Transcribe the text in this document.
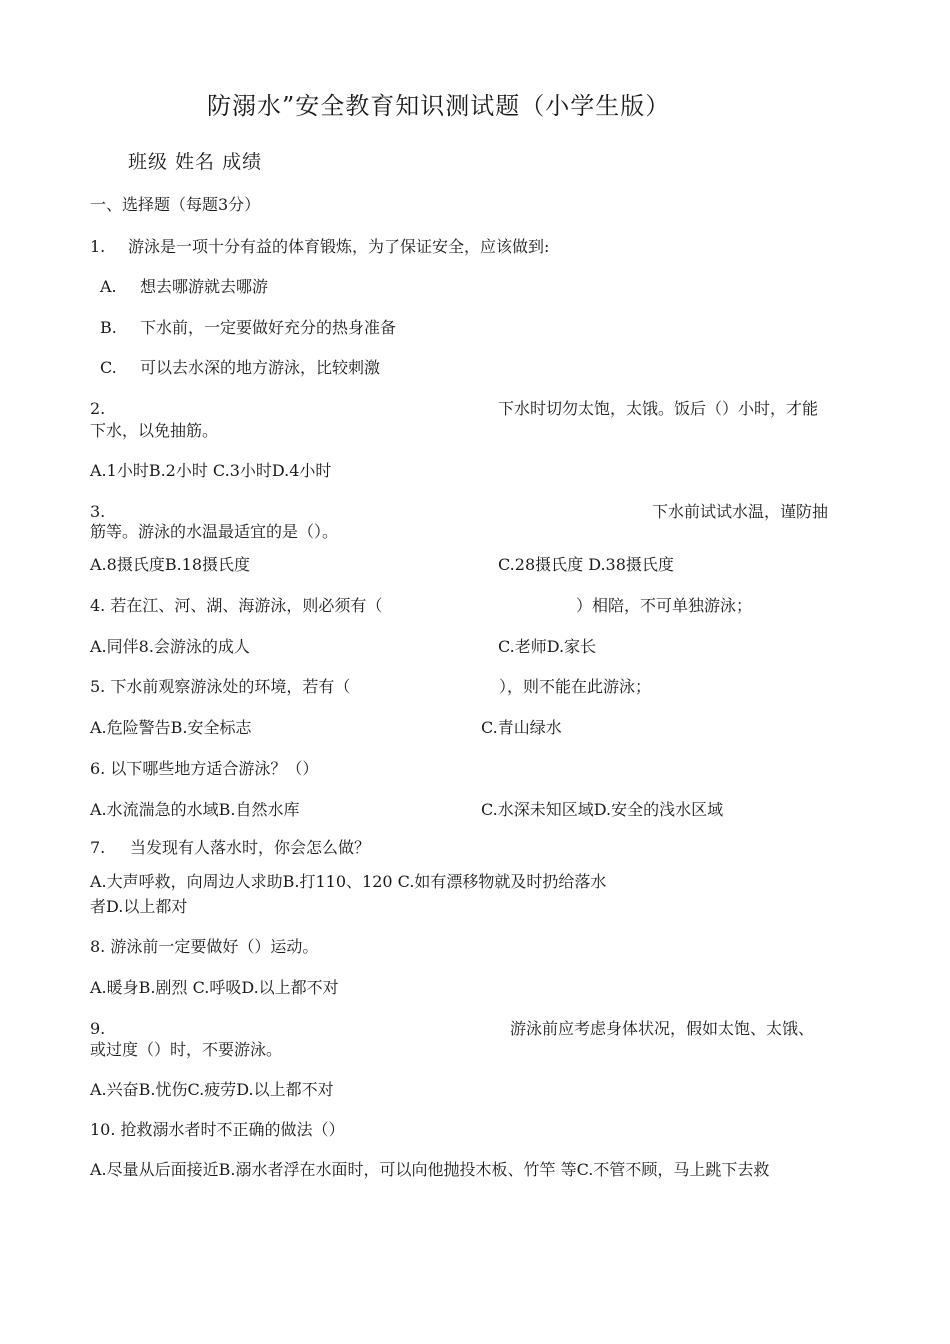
防溺水”安全教育知识测试题（小学生版）
班级 姓名 成绩
一、选择题（每题3分）
1. 游泳是一项十分有益的体育锻炼，为了保证安全，应该做到:
A. 想去哪游就去哪游
B. 下水前，一定要做好充分的热身准备
C. 可以去水深的地方游泳，比较刺激
2.	下水时切勿太饱，太饿。饭后（）小时，才能
下水，以免抽筋。
A.1小时B.2小时 C.3小时D.4小时
3.	下水前试试水温，谨防抽
筋等。游泳的水温最适宜的是（）。
A.8摄氏度B.18摄氏度	C.28摄氏度 D.38摄氏度
4. 若在江、河、湖、海游泳，则必须有（	）相陪，不可单独游泳；
A.同伴8.会游泳的成人	C.老师D.家长
5. 下水前观察游泳处的环境，若有（	），则不能在此游泳；
A.危险警告B.安全标志	C.青山绿水
6. 以下哪些地方适合游泳？（）
A.水流湍急的水域B.自然水库	C.水深未知区域D.安全的浅水区域
7. 当发现有人落水时，你会怎么做？
A.大声呼救，向周边人求助B.打110、120 C.如有漂移物就及时扔给落水
者D.以上都对
8. 游泳前一定要做好（）运动。
A.暖身B.剧烈 C.呼吸D.以上都不对
9.	游泳前应考虑身体状况，假如太饱、太饿、
或过度（）时，不要游泳。
A.兴奋B.忧伤C.疲劳D.以上都不对
10. 抢救溺水者时不正确的做法（）
A.尽量从后面接近B.溺水者浮在水面时，可以向他抛投木板、竹竿 等C.不管不顾，马上跳下去救
